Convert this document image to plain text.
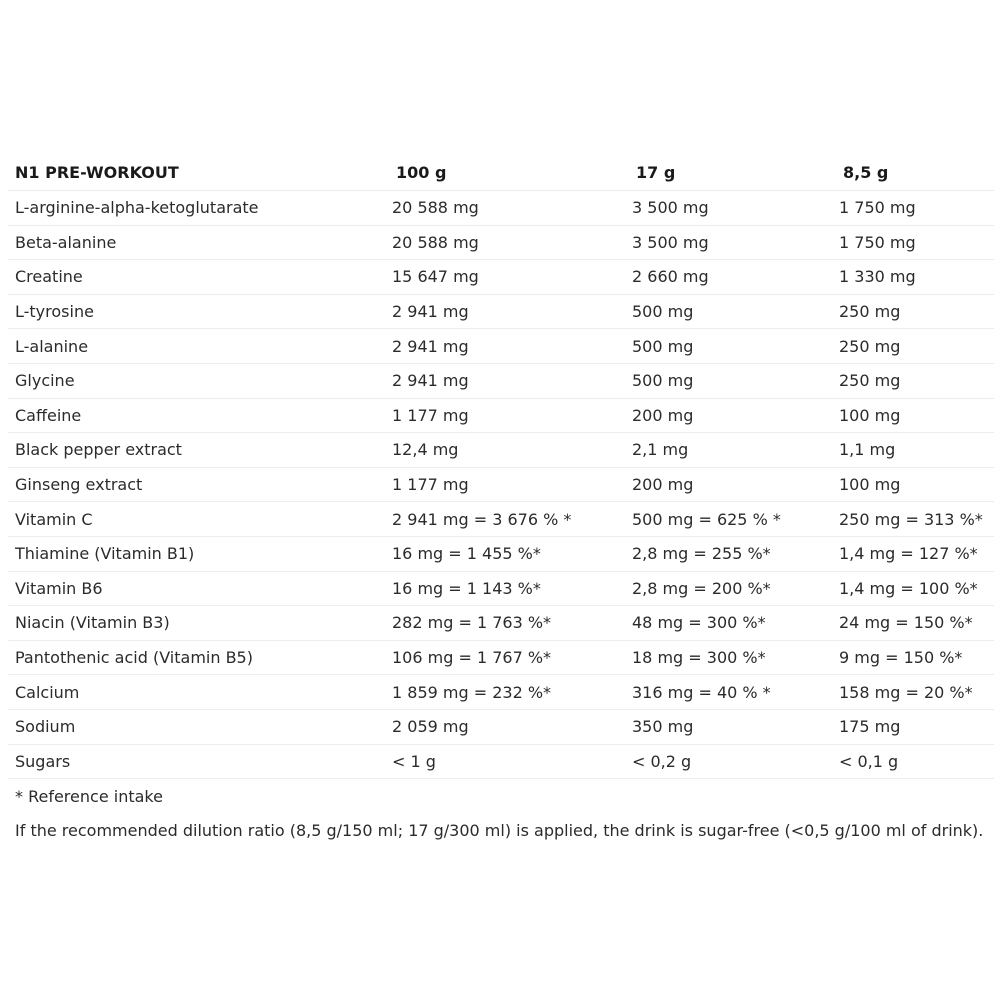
N1 PRE-WORKOUT	100 g	17 g	8,5 g
L-arginine-alpha-ketoglutarate	20 588 mg	3 500 mg	1 750 mg
Beta-alanine	20 588 mg	3 500 mg	1 750 mg
Creatine	15 647 mg	2 660 mg	1 330 mg
L-tyrosine	2 941 mg	500 mg	250 mg
L-alanine	2 941 mg	500 mg	250 mg
Glycine	2 941 mg	500 mg	250 mg
Caffeine	1 177 mg	200 mg	100 mg
Black pepper extract	12,4 mg	2,1 mg	1,1 mg
Ginseng extract	1 177 mg	200 mg	100 mg
Vitamin C	2 941 mg = 3 676 % *	500 mg = 625 % *	250 mg = 313 %*
Thiamine (Vitamin B1)	16 mg = 1 455 %*	2,8 mg = 255 %*	1,4 mg = 127 %*
Vitamin B6	16 mg = 1 143 %*	2,8 mg = 200 %*	1,4 mg = 100 %*
Niacin (Vitamin B3)	282 mg = 1 763 %*	48 mg = 300 %*	24 mg = 150 %*
Pantothenic acid (Vitamin B5)	106 mg = 1 767 %*	18 mg = 300 %*	9 mg = 150 %*
Calcium	1 859 mg = 232 %*	316 mg = 40 % *	158 mg = 20 %*
Sodium	2 059 mg	350 mg	175 mg
Sugars	< 1 g	< 0,2 g	< 0,1 g
* Reference intake
If the recommended dilution ratio (8,5 g/150 ml; 17 g/300 ml) is applied, the drink is sugar-free (<0,5 g/100 ml of drink).
